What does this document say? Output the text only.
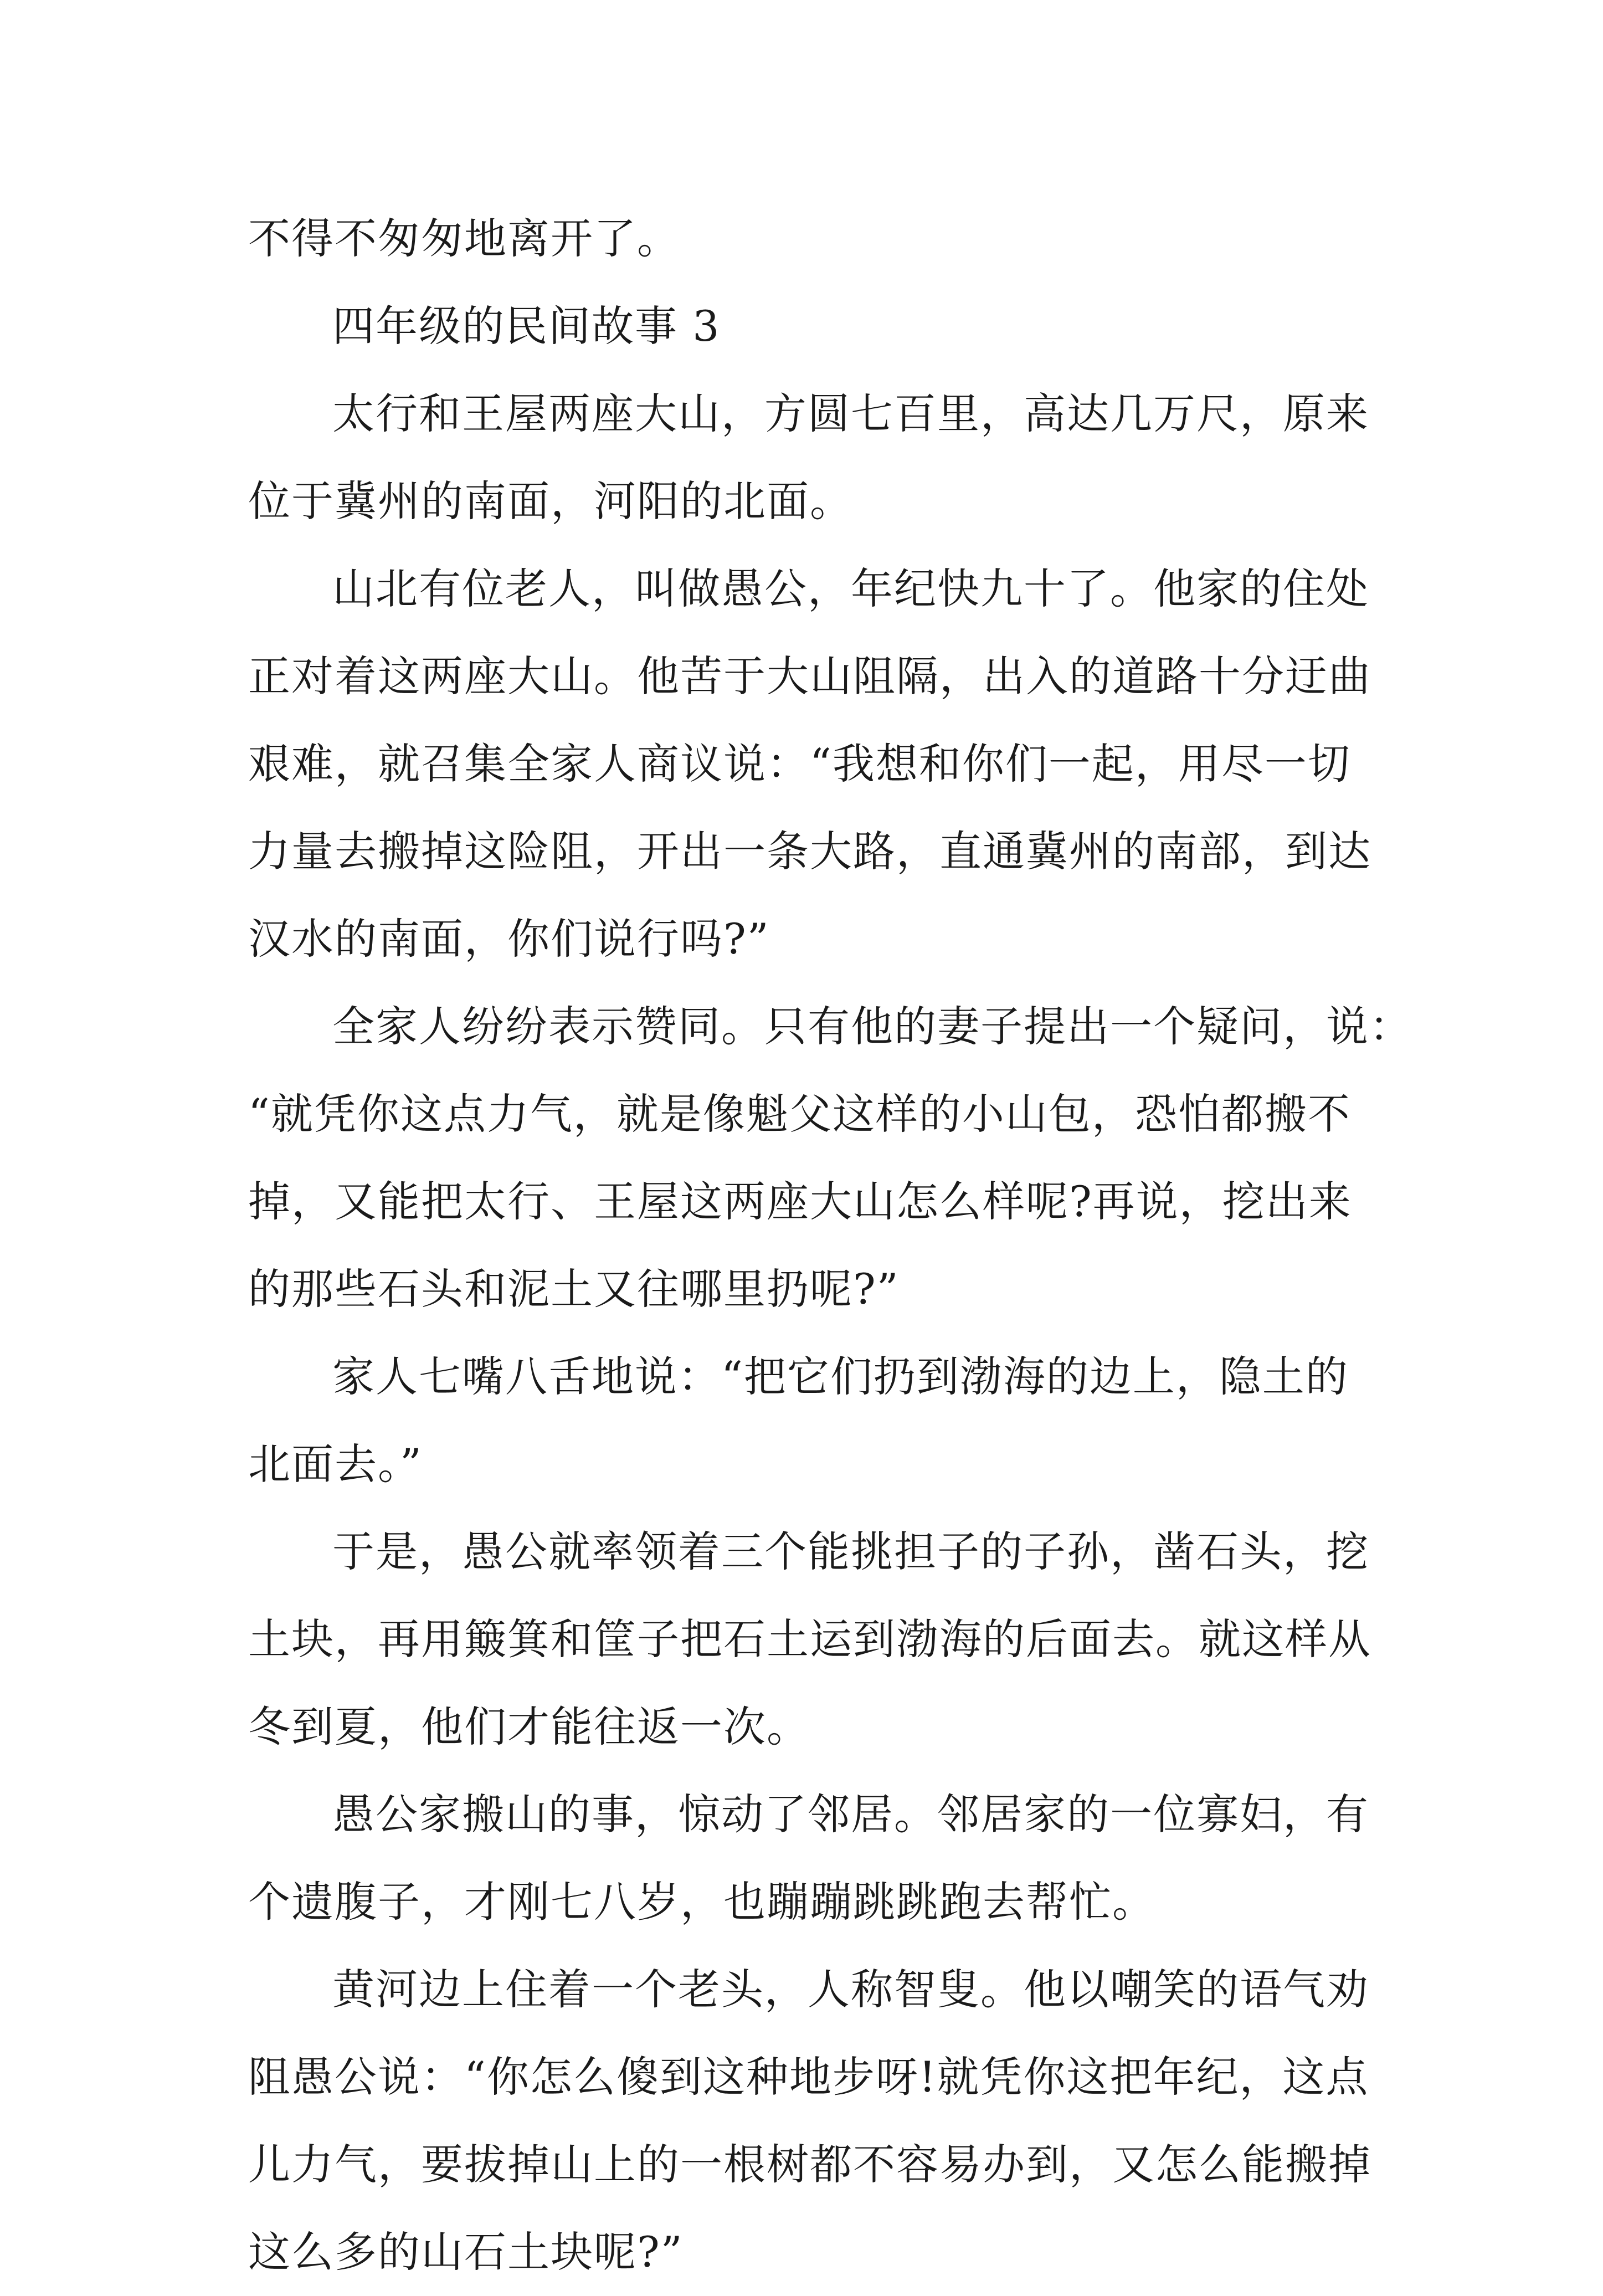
不得不匆匆地离开了。
四年级的民间故事 3
太行和王屋两座大山，方圆七百里，高达几万尺，原来
位于冀州的南面，河阳的北面。
山北有位老人，叫做愚公，年纪快九十了。他家的住处
正对着这两座大山。他苦于大山阻隔，出入的道路十分迂曲
艰难，就召集全家人商议说：“我想和你们一起，用尽一切
力量去搬掉这险阻，开出一条大路，直通冀州的南部，到达
汉水的南面，你们说行吗?”
全家人纷纷表示赞同。只有他的妻子提出一个疑问，说：
“就凭你这点力气，就是像魁父这样的小山包，恐怕都搬不
掉，又能把太行、王屋这两座大山怎么样呢?再说，挖出来
的那些石头和泥土又往哪里扔呢?”
家人七嘴八舌地说：“把它们扔到渤海的边上，隐土的
北面去。”
于是，愚公就率领着三个能挑担子的子孙，凿石头，挖
土块，再用簸箕和筐子把石土运到渤海的后面去。就这样从
冬到夏，他们才能往返一次。
愚公家搬山的事，惊动了邻居。邻居家的一位寡妇，有
个遗腹子，才刚七八岁，也蹦蹦跳跳跑去帮忙。
黄河边上住着一个老头，人称智叟。他以嘲笑的语气劝
阻愚公说：“你怎么傻到这种地步呀!就凭你这把年纪，这点
儿力气，要拔掉山上的一根树都不容易办到，又怎么能搬掉
这么多的山石土块呢?”
